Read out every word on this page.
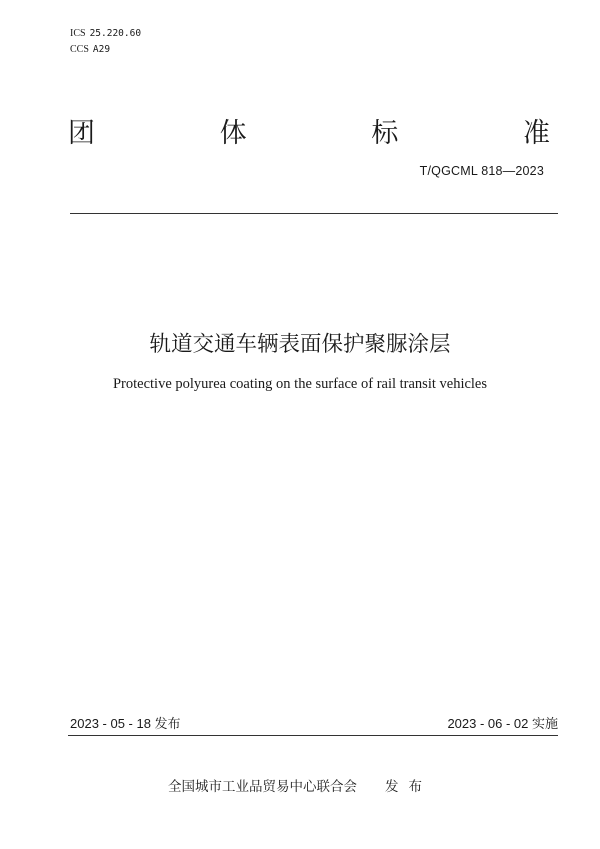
ICS 25.220.60
CCS A29
团	体	标	准
T/QGCML 818—2023
轨道交通车辆表面保护聚脲涂层
Protective polyurea coating on the surface of rail transit vehicles
2023 - 05 - 18 发布	2023 - 06 - 02 实施
全国城市工业品贸易中心联合会 发布
